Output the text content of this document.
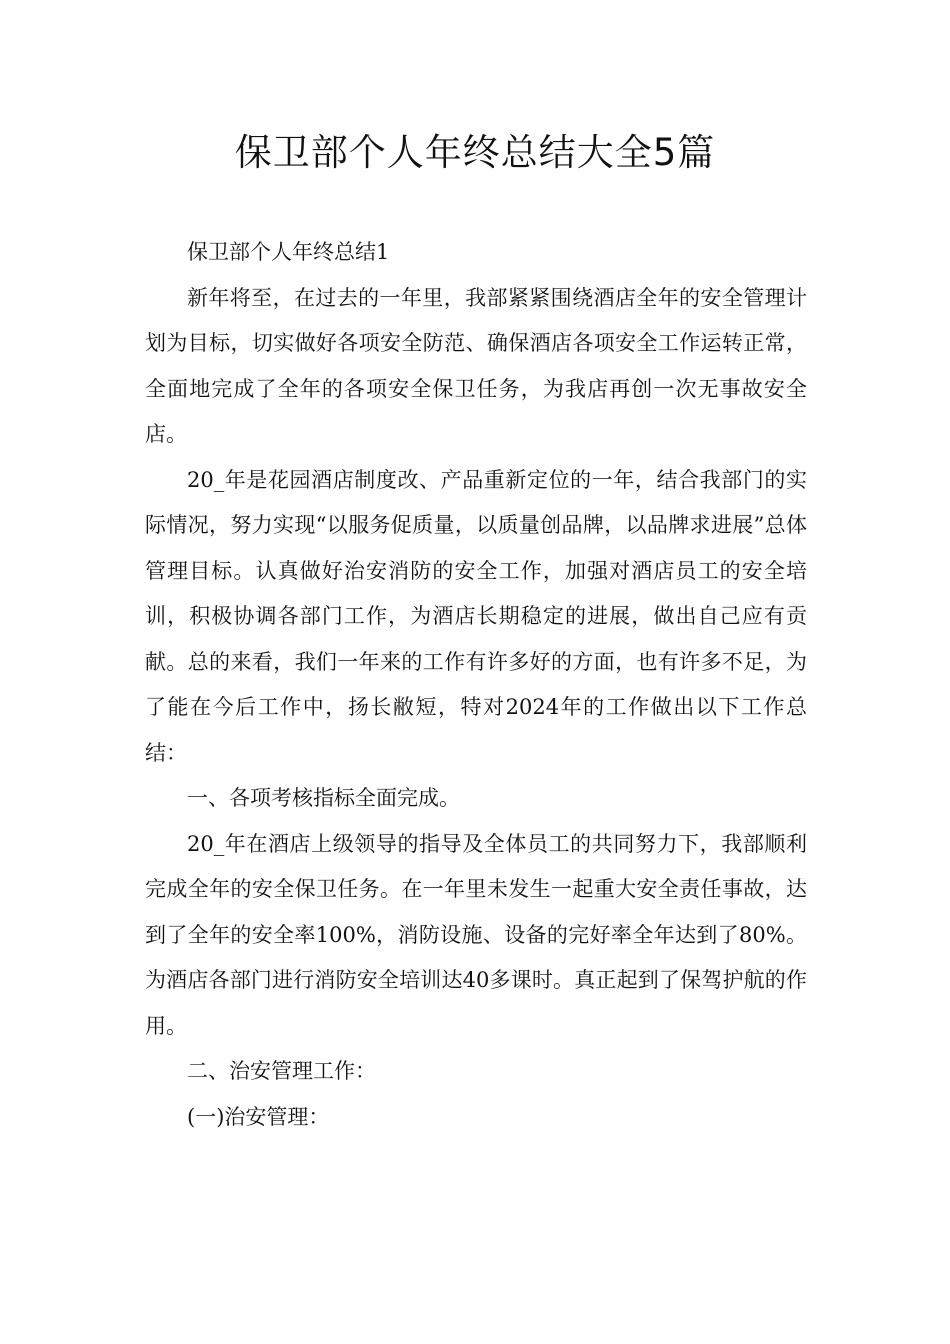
保卫部个人年终总结大全5篇

保卫部个人年终总结1

新年将至，在过去的一年里，我部紧紧围绕酒店全年的安全管理计划为目标，切实做好各项安全防范、确保酒店各项安全工作运转正常，全面地完成了全年的各项安全保卫任务，为我店再创一次无事故安全店。

20_年是花园酒店制度改、产品重新定位的一年，结合我部门的实际情况，努力实现“以服务促质量，以质量创品牌，以品牌求进展”总体管理目标。认真做好治安消防的安全工作，加强对酒店员工的安全培训，积极协调各部门工作，为酒店长期稳定的进展，做出自己应有贡献。总的来看，我们一年来的工作有许多好的方面，也有许多不足，为了能在今后工作中，扬长敝短，特对2024年的工作做出以下工作总结：

一、各项考核指标全面完成。

20_年在酒店上级领导的指导及全体员工的共同努力下，我部顺利完成全年的安全保卫任务。在一年里未发生一起重大安全责任事故，达到了全年的安全率100%，消防设施、设备的完好率全年达到了80%。为酒店各部门进行消防安全培训达40多课时。真正起到了保驾护航的作用。

二、治安管理工作：

(一)治安管理：
